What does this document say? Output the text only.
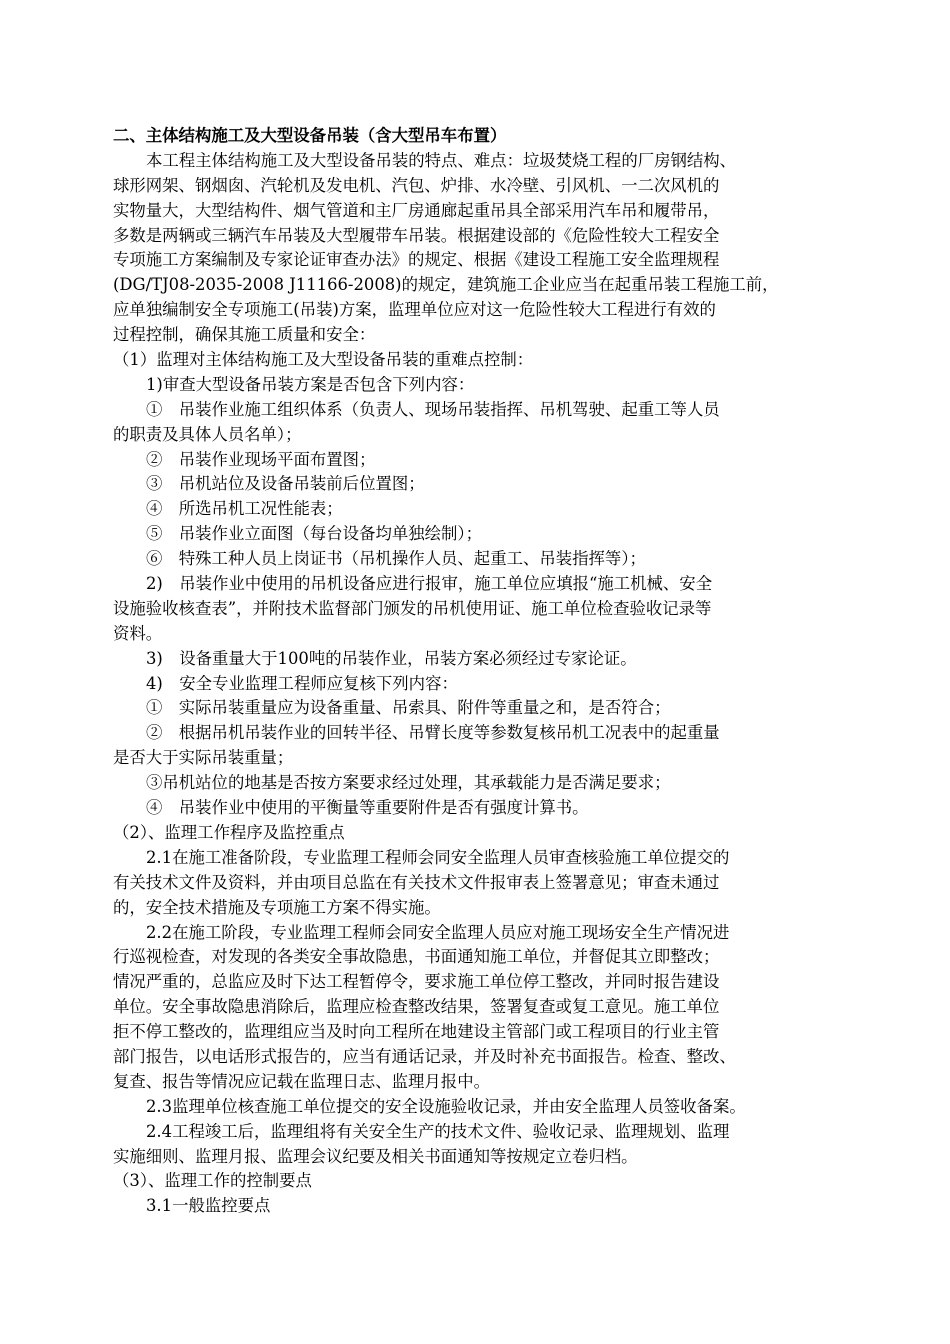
二、主体结构施工及大型设备吊装（含大型吊车布置）
本工程主体结构施工及大型设备吊装的特点、难点：垃圾焚烧工程的厂房钢结构、
球形网架、钢烟囱、汽轮机及发电机、汽包、炉排、水冷壁、引风机、一二次风机的
实物量大，大型结构件、烟气管道和主厂房通廊起重吊具全部采用汽车吊和履带吊，
多数是两辆或三辆汽车吊装及大型履带车吊装。根据建设部的《危险性较大工程安全
专项施工方案编制及专家论证审查办法》的规定、根据《建设工程施工安全监理规程
(DG/TJ08-2035-2008 J11166-2008)的规定，建筑施工企业应当在起重吊装工程施工前，
应单独编制安全专项施工(吊装)方案，监理单位应对这一危险性较大工程进行有效的
过程控制，确保其施工质量和安全：
（1）监理对主体结构施工及大型设备吊装的重难点控制：
1)审查大型设备吊装方案是否包含下列内容：
①　吊装作业施工组织体系（负责人、现场吊装指挥、吊机驾驶、起重工等人员
的职责及具体人员名单）；
②　吊装作业现场平面布置图；
③　吊机站位及设备吊装前后位置图；
④　所选吊机工况性能表；
⑤　吊装作业立面图（每台设备均单独绘制）；
⑥　特殊工种人员上岗证书（吊机操作人员、起重工、吊装指挥等）；
2)　吊装作业中使用的吊机设备应进行报审，施工单位应填报“施工机械、安全
设施验收核查表”，并附技术监督部门颁发的吊机使用证、施工单位检查验收记录等
资料。
3)　设备重量大于100吨的吊装作业，吊装方案必须经过专家论证。
4)　安全专业监理工程师应复核下列内容：
①　实际吊装重量应为设备重量、吊索具、附件等重量之和，是否符合；
②　根据吊机吊装作业的回转半径、吊臂长度等参数复核吊机工况表中的起重量
是否大于实际吊装重量；
③吊机站位的地基是否按方案要求经过处理，其承载能力是否满足要求；
④　吊装作业中使用的平衡量等重要附件是否有强度计算书。
（2）、监理工作程序及监控重点
2.1在施工准备阶段，专业监理工程师会同安全监理人员审查核验施工单位提交的
有关技术文件及资料，并由项目总监在有关技术文件报审表上签署意见；审查未通过
的，安全技术措施及专项施工方案不得实施。
2.2在施工阶段，专业监理工程师会同安全监理人员应对施工现场安全生产情况进
行巡视检查，对发现的各类安全事故隐患，书面通知施工单位，并督促其立即整改；
情况严重的，总监应及时下达工程暂停令，要求施工单位停工整改，并同时报告建设
单位。安全事故隐患消除后，监理应检查整改结果，签署复查或复工意见。施工单位
拒不停工整改的，监理组应当及时向工程所在地建设主管部门或工程项目的行业主管
部门报告，以电话形式报告的，应当有通话记录，并及时补充书面报告。检查、整改、
复查、报告等情况应记载在监理日志、监理月报中。
2.3监理单位核查施工单位提交的安全设施验收记录，并由安全监理人员签收备案。
2.4工程竣工后，监理组将有关安全生产的技术文件、验收记录、监理规划、监理
实施细则、监理月报、监理会议纪要及相关书面通知等按规定立卷归档。
（3）、监理工作的控制要点
3.1一般监控要点
